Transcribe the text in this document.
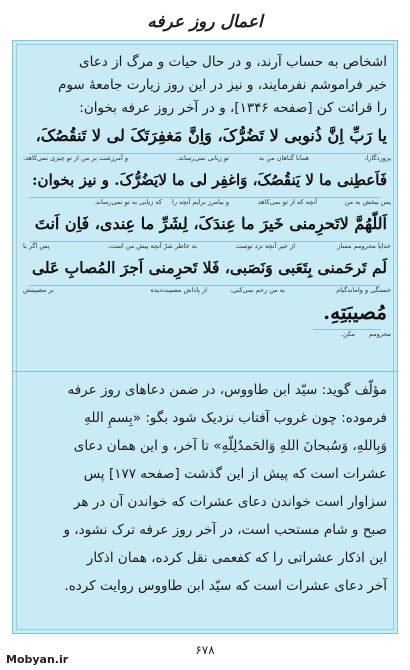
اعمال روز عرفه
اشخاص به حساب آرند، و در حال حیات و مرگ از دعای
خیر فراموشم نفرمایند، و نیز در این روز زیارت جامعهٔ سوم
را قرائت کن [صفحه ۱۳۴۶]، و در آخر روز عرفه بخوان:
یا رَبِّ اِنَّ ذُنوبی لا تَضُرُّکَ، وَاِنَّ مَغفِرَتَکَ لی لا تَنقُصُکَ،
پروردگارا،
همانا گناهان من به
تو زیانی نمی‌رساند،
و آمرزشت بر من از تو چیزی نمی‌کاهد،
فَاَعطِنی ما لا یَنقُصُکَ، وَاغفِر لی ما لایَضُرُّکَ. و نیز بخوان:
پس ببخش به من
آنچه که از تو نمی‌کاهد
و بیامرز برایم آنچه را
که زیانی به تو نمی‌رساند.
اَللّهُمَّ لاتَحرِمنی خَیرَ ما عِندَکَ، لِشَرِّ ما عِندی، فَاِن اَنتَ
خدایا محرومم مساز
از خیر آنچه نزد توست
به خاطر شرّ آنچه پیش من است،
پس اگر با
لَم تَرحَمنی بِتَعَبی وَنَصَبی، فَلا تَحرِمنی اَجرَ المُصابِ عَلی
خستگی و واماندگیام
به من رحم نمی‌کنی،
از پاداش مصیبت‌دیده
بر مصیبتش
مُصیبَتِهِ.
محرومم
مکن.
مؤلّف گوید: سیّد ابن طاووس، در ضمن دعاهای روز عرفه
فرموده: چون غروب آفتاب نزدیک شود بگو: «بِسمِ اللهِ
وَبِاللهِ، وَسُبحانَ اللهِ وَالحَمدُلِلّهِ» تا آخر، و این همان دعای
عشرات است که پیش از این گذشت [صفحه ۱۷۷] پس
سزاوار است خواندن دعای عشرات که خواندن آن در هر
صبح و شام مستحب است، در آخر روز عرفه ترک نشود، و
این اذکار عشراتی را که کفعمی نقل کرده، همان اذکار
آخر دعای عشرات است که سیّد ابن طاووس روایت کرده.
۶۷۸
Mobyan.ir
